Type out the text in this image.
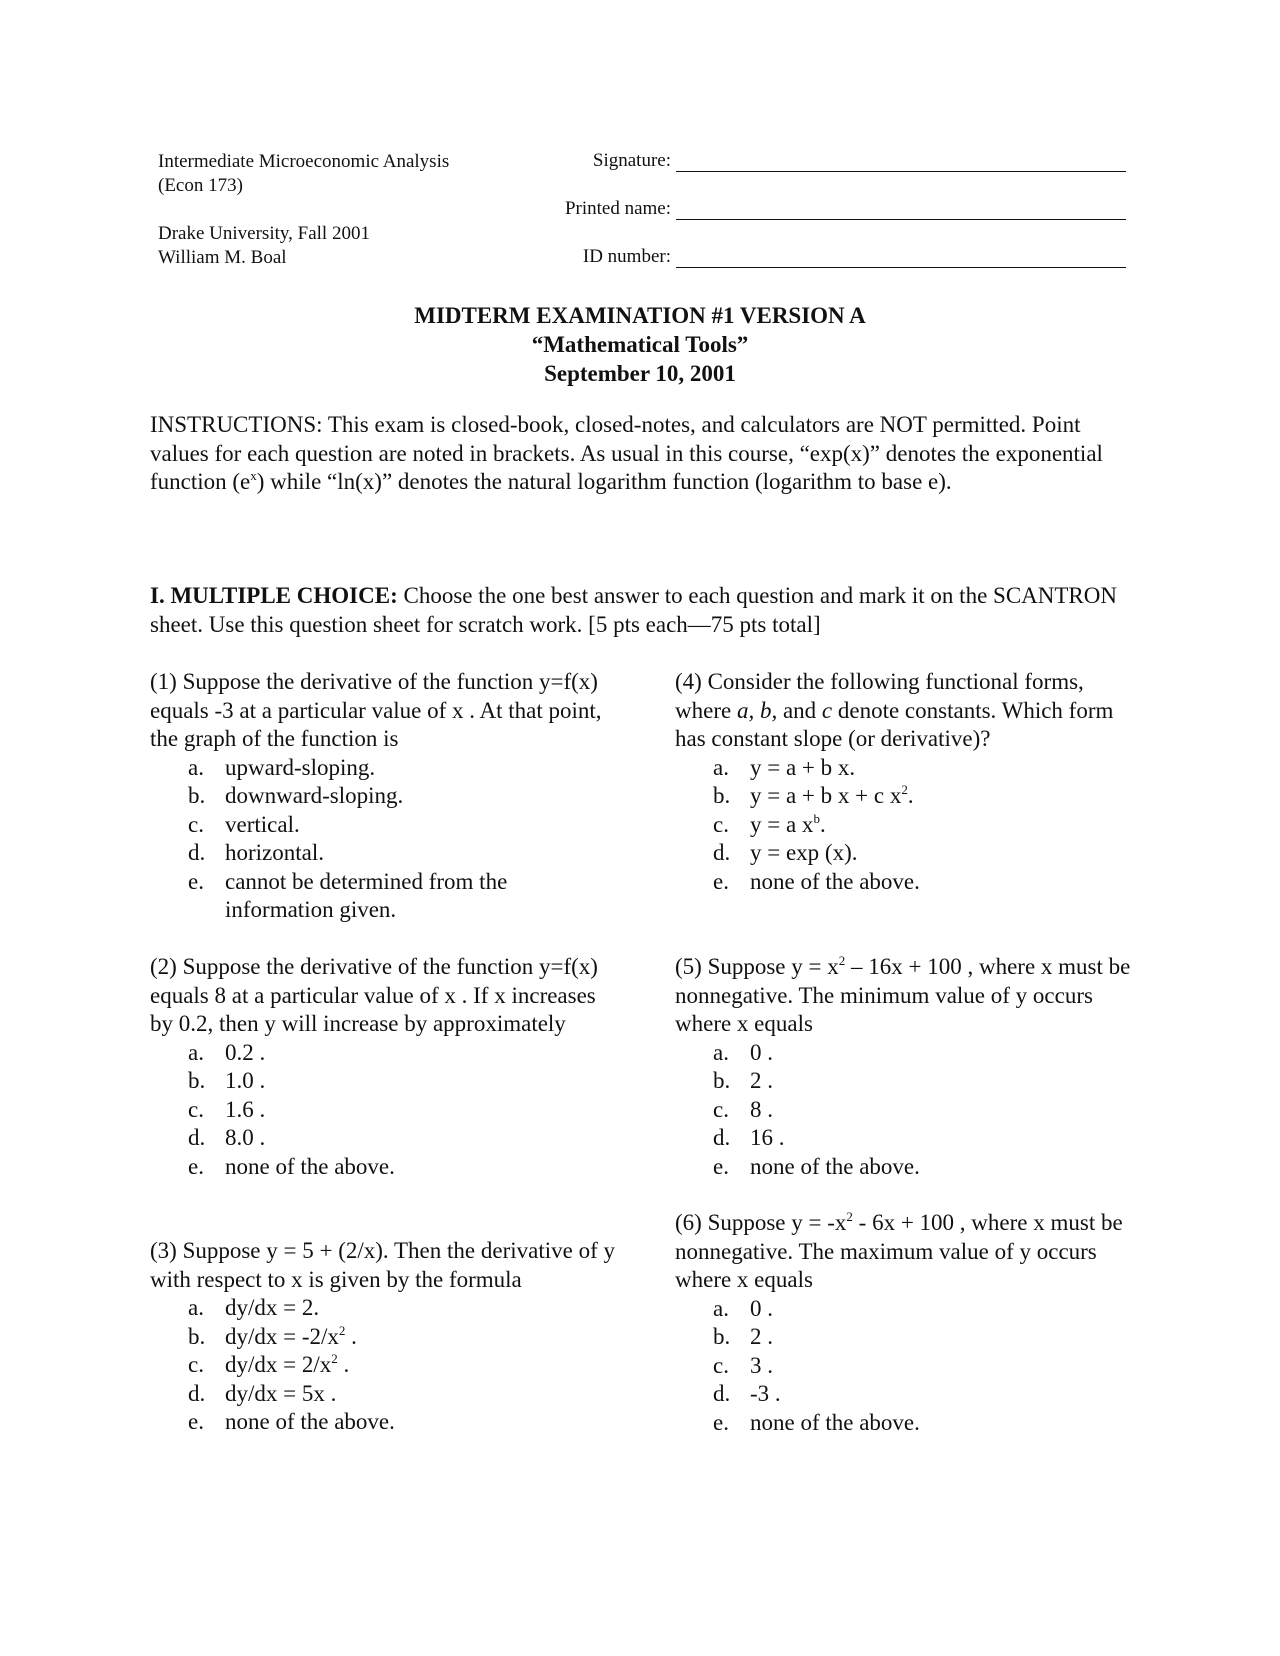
Intermediate Microeconomic Analysis
(Econ 173)
Drake University, Fall 2001
William M. Boal
Signature:
Printed name:
ID number:
MIDTERM EXAMINATION #1 VERSION A
“Mathematical Tools”
September 10, 2001
INSTRUCTIONS: This exam is closed-book, closed-notes, and calculators are NOT permitted. Point values for each question are noted in brackets. As usual in this course, “exp(x)” denotes the exponential function $(e^x)$ while “ln(x)” denotes the natural logarithm function (logarithm to base e).
I. MULTIPLE CHOICE: Choose the one best answer to each question and mark it on the SCANTRON sheet. Use this question sheet for scratch work. [5 pts each—75 pts total]

(1) Suppose the derivative of the function y=f(x) equals -3 at a particular value of x . At that point, the graph of the function is

a. upward-sloping.
b. downward-sloping.
c. vertical.
d. horizontal.
e. cannot be determined from the information given.

(2) Suppose the derivative of the function y=f(x) equals 8 at a particular value of x . If x increases by 0.2, then y will increase by approximately

a. 0.2 .
b. 1.0 .
c. 1.6 .
d. 8.0 .
e. none of the above.

(3) Suppose y = 5 + (2/x). Then the derivative of y with respect to x is given by the formula

a. dy/dx = 2.
b. $dy/dx = -2/x^2$ .
c. $dy/dx = 2/x^2$ .
d. dy/dx = 5x .
e. none of the above.

(4) Consider the following functional forms, where a, b, and c denote constants. Which form has constant slope (or derivative)?

a. y = a + b x.
b. y = a + b x + c $x^2$.
c. y = a $x^b$.
d. y = exp (x).
e. none of the above.

(5) Suppose $y = x^2 - 16x + 100$ , where x must be nonnegative. The minimum value of y occurs where x equals

a. 0 .
b. 2 .
c. 8 .
d. 16 .
e. none of the above.

(6) Suppose $y = -x^2 - 6x + 100$ , where x must be nonnegative. The maximum value of y occurs where x equals

a. 0 .
b. 2 .
c. 3 .
d. -3 .
e. none of the above.
